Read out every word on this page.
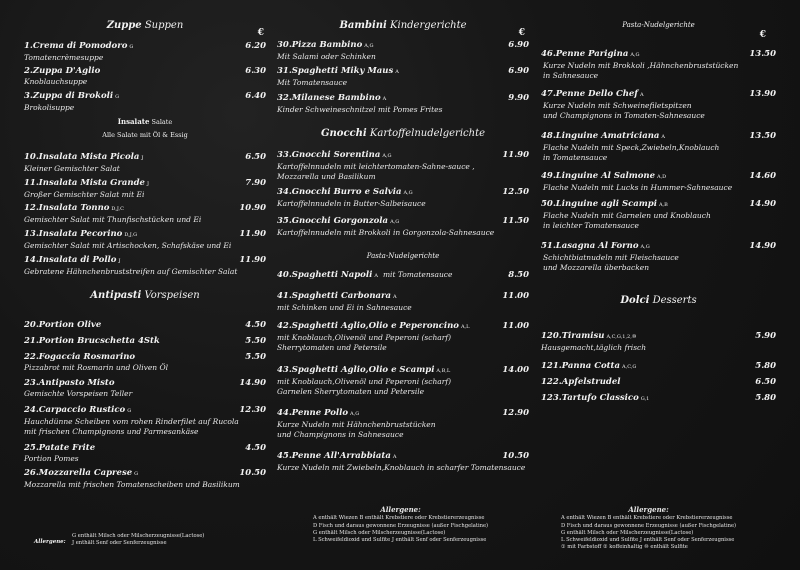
Zuppe Suppen
€
1.Crema di Pomodoro G	6.20
Tomatencrèmesuppe
2.Zuppa D'Aglio	6.30
Knoblauchsuppe
3.Zuppa di Brokoli G	6.40
Brokolisuppe
Insalate Salate
Alle Salate mit Öl & Essig
10.Insalata Mista Picola J	6.50
Kleiner Gemischter Salat
11.Insalata Mista Grande J	7.90
Großer Gemischter Salat mit Ei
12.Insalata Tonno D,J,C	10.90
Gemischter Salat mit Thunfischstücken und Ei
13.Insalata Pecorino D,J,G	11.90
Gemischter Salat mit Artischocken, Schafskäse und Ei
14.Insalata di Pollo J	11.90
Gebratene Hähnchenbruststreifen auf Gemischter Salat
Antipasti Vorspeisen
20.Portion Olive	4.50
21.Portion Brucschetta 4Stk	5.50
22.Fogaccia Rosmarino	5.50
Pizzabrot mit Rosmarin und Oliven Öl
23.Antipasto Misto	14.90
Gemischte Vorspeisen Teller
24.Carpaccio Rustico G	12.30
Hauchdünne Scheiben vom rohen Rinderfilet auf Rucola
mit frischen Champignons und Parmesankäse
25.Patate Frite	4.50
Portion Pomes
26.Mozzarella Caprese G	10.50
Mozzarella mit frischen Tomatenscheiben und Basilikum
Allergene:
G enthält Milsch oder Milscherzeugnisse(Lactose)
J enthält Senf oder Senferzeugnisse
Bambini Kindergerichte
€
30.Pizza Bambino A,G	6.90
Mit Salami oder Schinken
31.Spaghetti Miky Maus A	6.90
Mit Tomatensauce
32.Milanese Bambino A	9.90
Kinder Schweineschnitzel mit Pomes Frites
Gnocchi Kartoffelnudelgerichte
33.Gnocchi Sorentina A,G	11.90
Kartoffelnnudeln mit leichtertomaten-Sahne-sauce ,
Mozzarella und Basilikum
34.Gnocchi Burro e Salvia A,G	12.50
Kartoffelnnudeln in Butter-Salbeisauce
35.Gnocchi Gorgonzola A,G	11.50
Kartoffelnnudeln mit Brokkoli in Gorgonzola-Sahnesauce
Pasta-Nudelgerichte
40.Spaghetti Napoli A mit Tomatensauce	8.50
41.Spaghetti Carbonara A	11.00
mit Schinken und Ei in Sahnesauce
42.Spaghetti Aglio,Olio e Peperoncino A,L	11.00
mit Knoblauch,Olivenöl und Peperoni (scharf)
Sherrytomaten und Petersile
43.Spaghetti Aglio,Olio e Scampi A,B,L	14.00
mit Knoblauch,Olivenöl und Peperoni (scharf)
Garnelen Sherrytomaten und Petersile
44.Penne Pollo A,G	12.90
Kurze Nudeln mit Hähnchenbruststücken
und Champignons in Sahnesauce
45.Penne All'Arrabbiata A	10.50
Kurze Nudeln mit Zwiebeln,Knoblauch in scharfer Tomatensauce
Allergene:
A enthält Wiezen B enthält Krebstiere oder Krebstiererzeugnisse
D Fisch und daraus gewonnene Erzeugnisse (außer Fischgelatine)
G enthält Milsch oder Milscherzeugnisse(Lactose)
L Schweifeldioxid und Sulfite J enthält Senf oder Senferzeugnisse
Pasta-Nudelgerichte
€
46.Penne Parigina A,G	13.50
Kurze Nudeln mit Brokkoli ,Hähnchenbruststücken
in Sahnesauce
47.Penne Dello Chef A	13.90
Kurze Nudeln mit Schweinefiletspitzen
und Champignons in Tomaten-Sahnesauce
48.Linguine Amatriciana A	13.50
Flache Nudeln mit Speck,Zwiebeln,Knoblauch
in Tomatensauce
49.Linguine Al Salmone A,D	14.60
Flache Nudeln mit Lucks in Hummer-Sahnesauce
50.Linguine agli Scampi A,B	14.90
Flache Nudeln mit Garnelen und Knoblauch
in leichter Tomatensauce
51.Lasagna Al Forno A,G	14.90
Schichtbiatnudeln mit Fleischsauce
und Mozzarella überbacken
Dolci Desserts
120.Tiramisu A,C,G,1,2,⑩	5.90
Hausgemacht,täglich frisch
121.Panna Cotta A,C,G	5.80
122.Apfelstrudel	6.50
123.Tartufo Classico G,1	5.80
Allergene:
A enthält Wiezen B enthält Krebstiere oder Krebstiererzeugnisse
D Fisch und daraus gewonnene Erzeugnisse (außer Fischgelatine)
G enthält Milsch oder Milscherzeugnisse(Lactose)
L Schweifeldioxid und Sulfite J enthält Senf oder Senferzeugnisse
① mit Farbstoff ② koffeinhaltig ⑩ enthält Sulfite
